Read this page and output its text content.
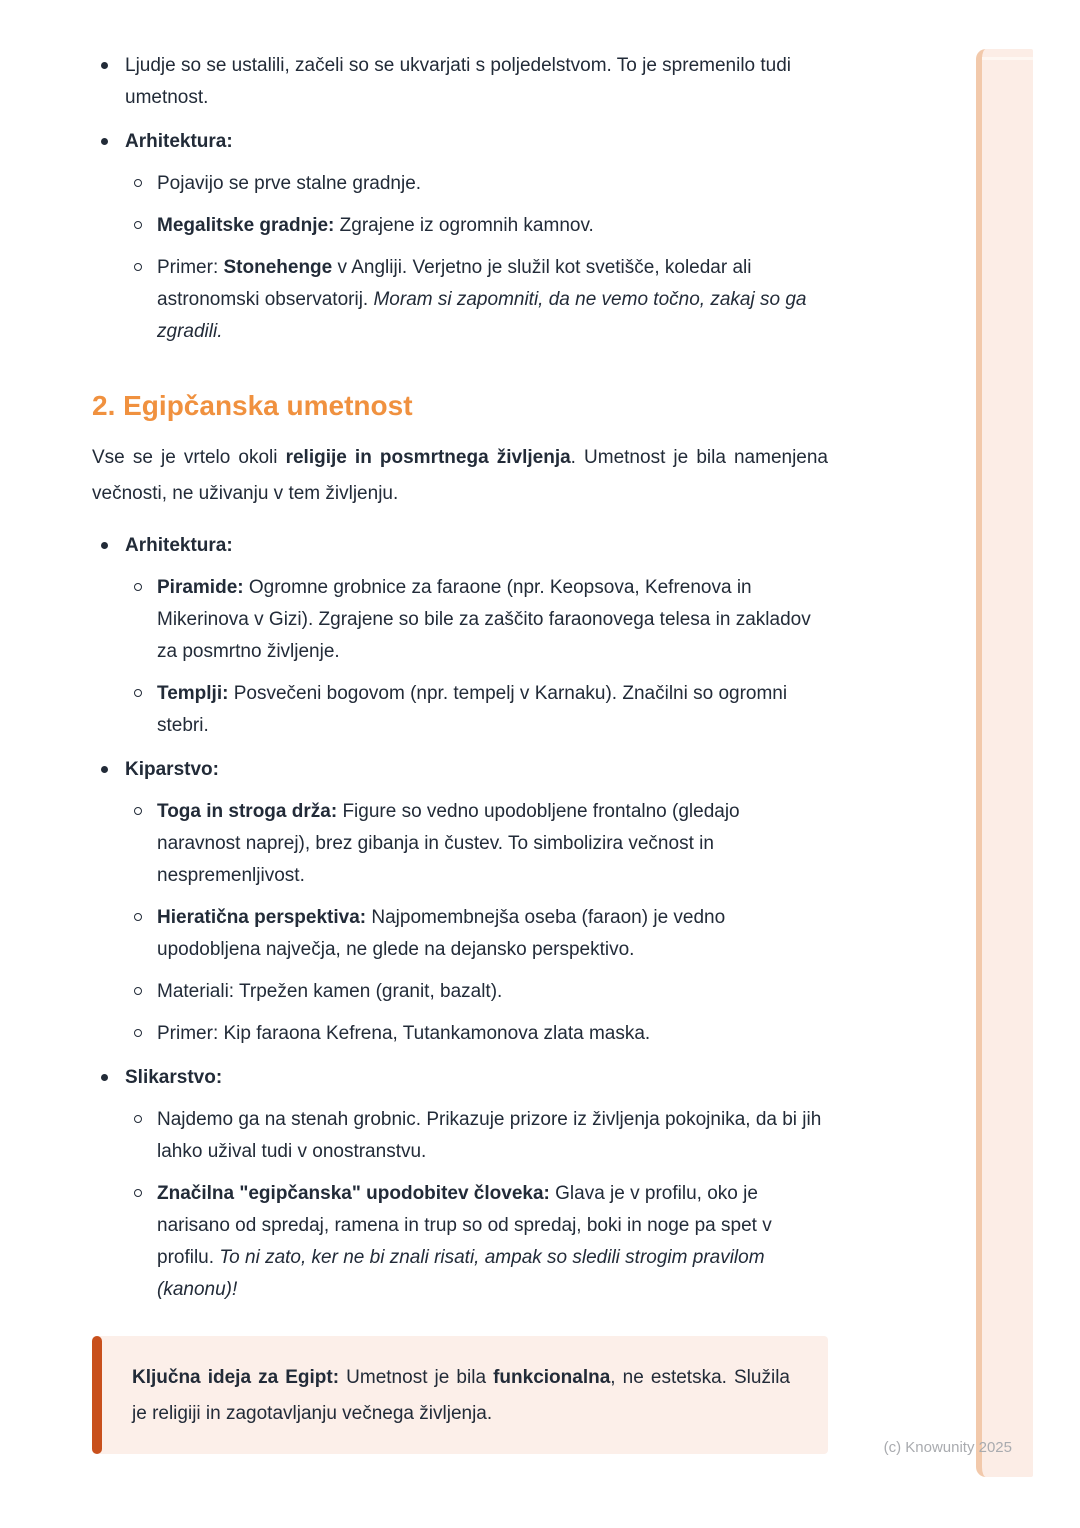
Ljudje so se ustalili, začeli so se ukvarjati s poljedelstvom. To je spremenilo tudi umetnost.
Arhitektura:
Pojavijo se prve stalne gradnje.
Megalitske gradnje: Zgrajene iz ogromnih kamnov.
Primer: Stonehenge v Angliji. Verjetno je služil kot svetišče, koledar ali astronomski observatorij. Moram si zapomniti, da ne vemo točno, zakaj so ga zgradili.
2. Egipčanska umetnost

Vse se je vrtelo okoli religije in posmrtnega življenja. Umetnost je bila namenjena večnosti, ne uživanju v tem življenju.

Arhitektura:
Piramide: Ogromne grobnice za faraone (npr. Keopsova, Kefrenova in Mikerinova v Gizi). Zgrajene so bile za zaščito faraonovega telesa in zakladov za posmrtno življenje.
Templji: Posvečeni bogovom (npr. tempelj v Karnaku). Značilni so ogromni stebri.
Kiparstvo:
Toga in stroga drža: Figure so vedno upodobljene frontalno (gledajo naravnost naprej), brez gibanja in čustev. To simbolizira večnost in nespremenljivost.
Hieratična perspektiva: Najpomembnejša oseba (faraon) je vedno upodobljena največja, ne glede na dejansko perspektivo.
Materiali: Trpežen kamen (granit, bazalt).
Primer: Kip faraona Kefrena, Tutankamonova zlata maska.
Slikarstvo:
Najdemo ga na stenah grobnic. Prikazuje prizore iz življenja pokojnika, da bi jih lahko užival tudi v onostranstvu.
Značilna "egipčanska" upodobitev človeka: Glava je v profilu, oko je narisano od spredaj, ramena in trup so od spredaj, boki in noge pa spet v profilu. To ni zato, ker ne bi znali risati, ampak so sledili strogim pravilom (kanonu)!

Ključna ideja za Egipt: Umetnost je bila funkcionalna, ne estetska. Služila je religiji in zagotavljanju večnega življenja.

(c) Knowunity 2025
